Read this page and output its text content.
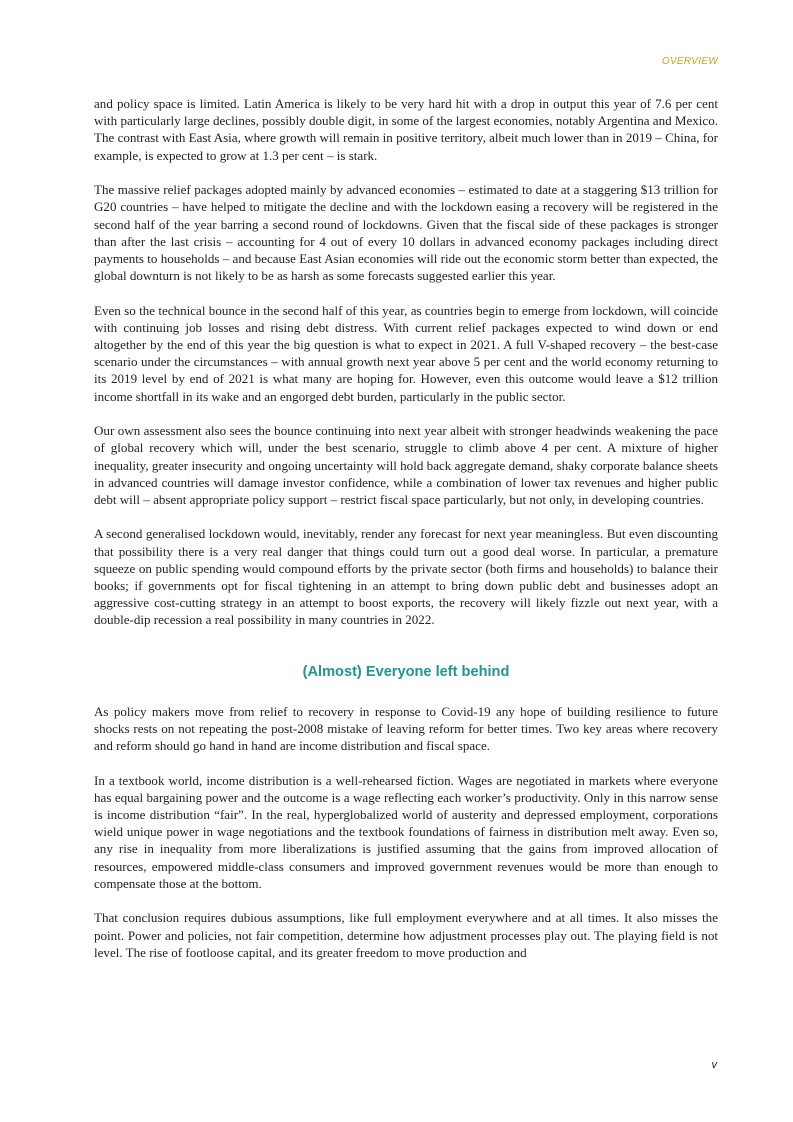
OVERVIEW

and policy space is limited. Latin America is likely to be very hard hit with a drop in output this year of 7.6 per cent with particularly large declines, possibly double digit, in some of the largest economies, notably Argentina and Mexico. The contrast with East Asia, where growth will remain in positive territory, albeit much lower than in 2019 – China, for example, is expected to grow at 1.3 per cent – is stark.

The massive relief packages adopted mainly by advanced economies – estimated to date at a staggering $13 trillion for G20 countries – have helped to mitigate the decline and with the lockdown easing a recovery will be registered in the second half of the year barring a second round of lockdowns. Given that the fiscal side of these packages is stronger than after the last crisis – accounting for 4 out of every 10 dollars in advanced economy packages including direct payments to households – and because East Asian economies will ride out the economic storm better than expected, the global downturn is not likely to be as harsh as some forecasts suggested earlier this year.

Even so the technical bounce in the second half of this year, as countries begin to emerge from lockdown, will coincide with continuing job losses and rising debt distress. With current relief packages expected to wind down or end altogether by the end of this year the big question is what to expect in 2021. A full V-shaped recovery – the best-case scenario under the circumstances – with annual growth next year above 5 per cent and the world economy returning to its 2019 level by end of 2021 is what many are hoping for. However, even this outcome would leave a $12 trillion income shortfall in its wake and an engorged debt burden, particularly in the public sector.

Our own assessment also sees the bounce continuing into next year albeit with stronger headwinds weakening the pace of global recovery which will, under the best scenario, struggle to climb above 4 per cent. A mixture of higher inequality, greater insecurity and ongoing uncertainty will hold back aggregate demand, shaky corporate balance sheets in advanced countries will damage investor confidence, while a combination of lower tax revenues and higher public debt will – absent appropriate policy support – restrict fiscal space particularly, but not only, in developing countries.

A second generalised lockdown would, inevitably, render any forecast for next year meaningless. But even discounting that possibility there is a very real danger that things could turn out a good deal worse. In particular, a premature squeeze on public spending would compound efforts by the private sector (both firms and households) to balance their books; if governments opt for fiscal tightening in an attempt to bring down public debt and businesses adopt an aggressive cost-cutting strategy in an attempt to boost exports, the recovery will likely fizzle out next year, with a double-dip recession a real possibility in many countries in 2022.

(Almost) Everyone left behind

As policy makers move from relief to recovery in response to Covid-19 any hope of building resilience to future shocks rests on not repeating the post-2008 mistake of leaving reform for better times. Two key areas where recovery and reform should go hand in hand are income distribution and fiscal space.

In a textbook world, income distribution is a well-rehearsed fiction. Wages are negotiated in markets where everyone has equal bargaining power and the outcome is a wage reflecting each worker’s productivity. Only in this narrow sense is income distribution “fair”. In the real, hyperglobalized world of austerity and depressed employment, corporations wield unique power in wage negotiations and the textbook foundations of fairness in distribution melt away. Even so, any rise in inequality from more liberalizations is justified assuming that the gains from improved allocation of resources, empowered middle-class consumers and improved government revenues would be more than enough to compensate those at the bottom.

That conclusion requires dubious assumptions, like full employment everywhere and at all times. It also misses the point. Power and policies, not fair competition, determine how adjustment processes play out. The playing field is not level. The rise of footloose capital, and its greater freedom to move production and

v
